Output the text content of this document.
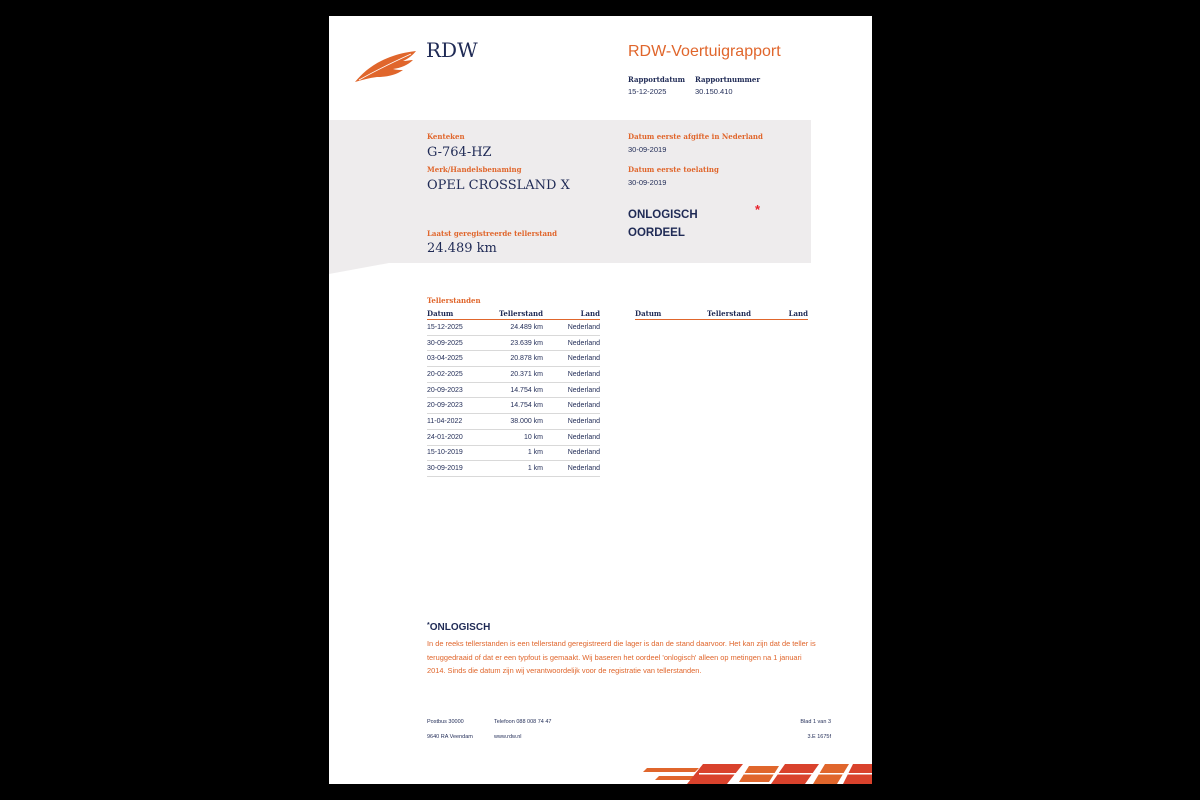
RDW	RDW-Voertuigrapport
Rapportdatum
15-12-2025
Rapportnummer
30.150.410
Kenteken
G-764-HZ
Merk/Handelsbenaming
OPEL CROSSLAND X
Laatst geregistreerde tellerstand
24.489 km
Datum eerste afgifte in Nederland
30-09-2019
Datum eerste toelating
30-09-2019
ONLOGISCH
OORDEEL
*
Tellerstanden
Datum	Tellerstand	Land
15-12-2025	24.489 km	Nederland
30-09-2025	23.639 km	Nederland
03-04-2025	20.878 km	Nederland
20-02-2025	20.371 km	Nederland
20-09-2023	14.754 km	Nederland
20-09-2023	14.754 km	Nederland
11-04-2022	38.000 km	Nederland
24-01-2020	10 km	Nederland
15-10-2019	1 km	Nederland
30-09-2019	1 km	Nederland
Datum	Tellerstand	Land
*ONLOGISCH
In de reeks tellerstanden is een tellerstand geregistreerd die lager is dan de stand daarvoor. Het kan zijn dat de teller is teruggedraaid of dat er een typfout is gemaakt. Wij baseren het oordeel 'onlogisch' alleen op metingen na 1 januari 2014. Sinds die datum zijn wij verantwoordelijk voor de registratie van tellerstanden.
Postbus 30000
9640 RA Veendam
Telefoon 088 008 74 47
www.rdw.nl
Blad 1 van 3
3.E 1675f
